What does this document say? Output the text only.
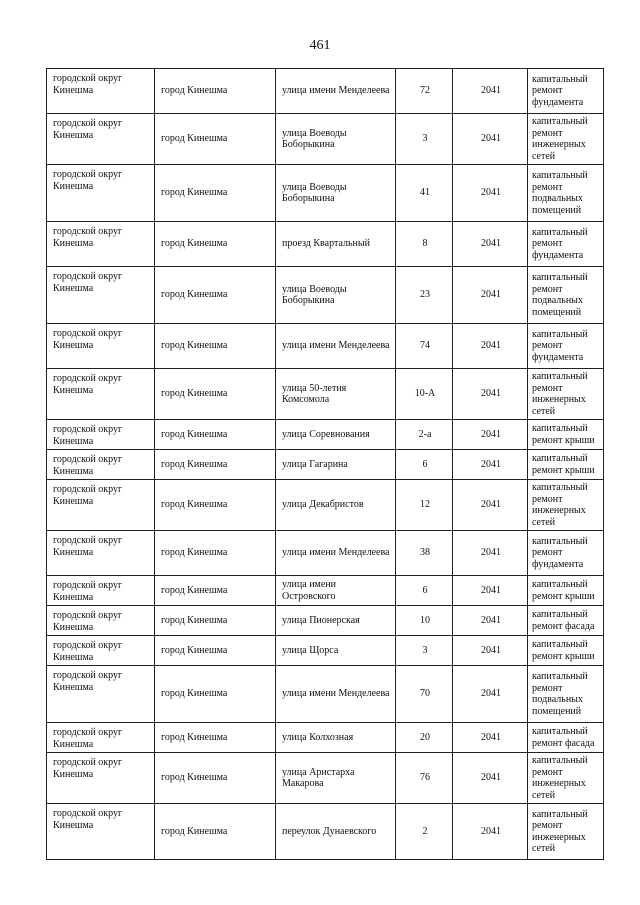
461
городской округ Кинешма	город Кинешма	улица имени Менделеева	72	2041	капитальный ремонт фундамента
городской округ Кинешма	город Кинешма	улица Воеводы Боборыкина	3	2041	капитальный ремонт инженерных сетей
городской округ Кинешма	город Кинешма	улица Воеводы Боборыкина	41	2041	капитальный ремонт подвальных помещений
городской округ Кинешма	город Кинешма	проезд Квартальный	8	2041	капитальный ремонт фундамента
городской округ Кинешма	город Кинешма	улица Воеводы Боборыкина	23	2041	капитальный ремонт подвальных помещений
городской округ Кинешма	город Кинешма	улица имени Менделеева	74	2041	капитальный ремонт фундамента
городской округ Кинешма	город Кинешма	улица 50-летия Комсомола	10-А	2041	капитальный ремонт инженерных сетей
городской округ Кинешма	город Кинешма	улица Соревнования	2-а	2041	капитальный ремонт крыши
городской округ Кинешма	город Кинешма	улица Гагарина	6	2041	капитальный ремонт крыши
городской округ Кинешма	город Кинешма	улица Декабристов	12	2041	капитальный ремонт инженерных сетей
городской округ Кинешма	город Кинешма	улица имени Менделеева	38	2041	капитальный ремонт фундамента
городской округ Кинешма	город Кинешма	улица имени Островского	6	2041	капитальный ремонт крыши
городской округ Кинешма	город Кинешма	улица Пионерская	10	2041	капитальный ремонт фасада
городской округ Кинешма	город Кинешма	улица Щорса	3	2041	капитальный ремонт крыши
городской округ Кинешма	город Кинешма	улица имени Менделеева	70	2041	капитальный ремонт подвальных помещений
городской округ Кинешма	город Кинешма	улица Колхозная	20	2041	капитальный ремонт фасада
городской округ Кинешма	город Кинешма	улица Аристарха Макарова	76	2041	капитальный ремонт инженерных сетей
городской округ Кинешма	город Кинешма	переулок Дунаевского	2	2041	капитальный ремонт инженерных сетей
